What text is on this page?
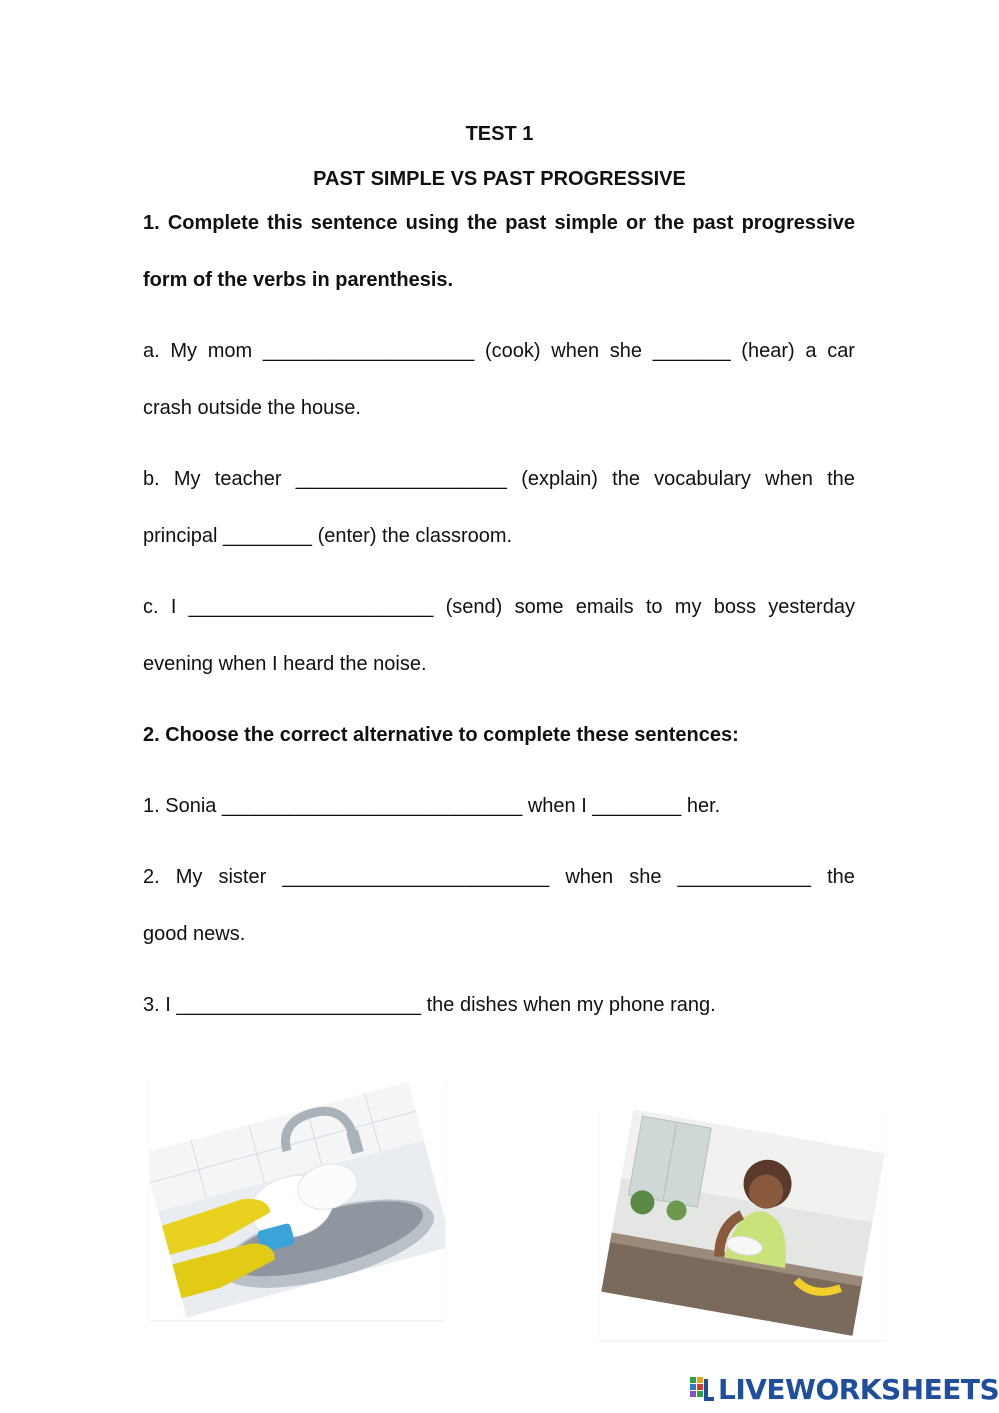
TEST 1
PAST SIMPLE VS PAST PROGRESSIVE
1. Complete this sentence using the past simple or the past progressive
form of the verbs in parenthesis.
a. My mom ___________________ (cook) when she _______ (hear) a car
crash outside the house.
b. My teacher ___________________ (explain) the vocabulary when the
principal ________ (enter) the classroom.
c. I ______________________ (send) some emails to my boss yesterday
evening when I heard the noise.
2. Choose the correct alternative to complete these sentences:
1. Sonia ___________________________ when I ________ her.
2. My sister ________________________ when she ____________ the
good news.
3. I ______________________ the dishes when my phone rang.
LIVEWORKSHEETS
